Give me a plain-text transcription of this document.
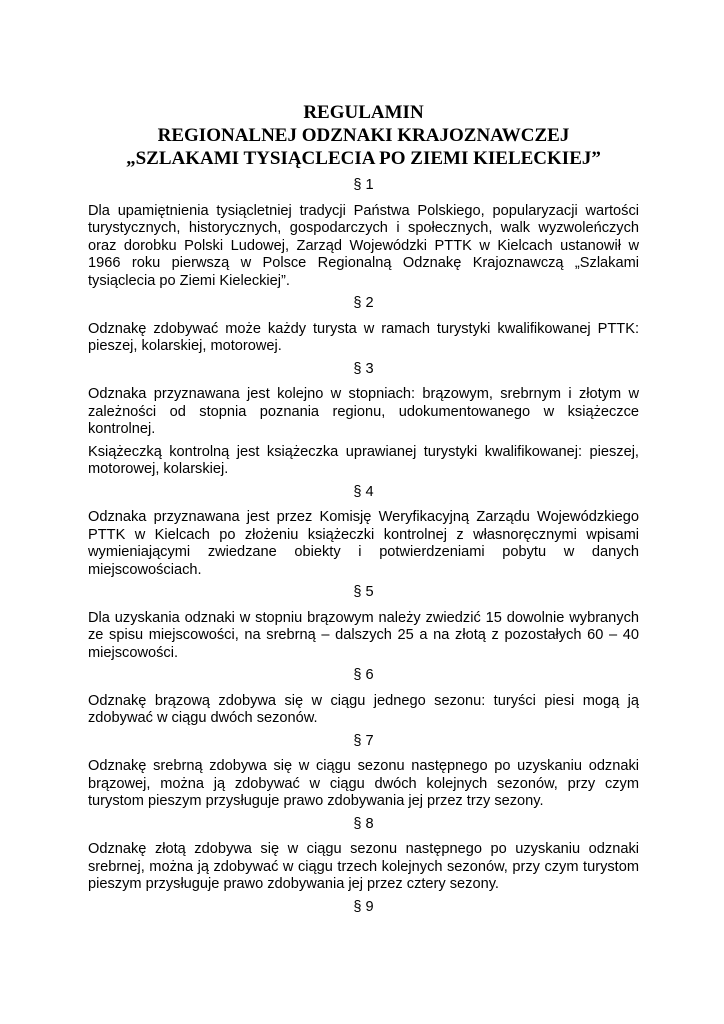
REGULAMIN

REGIONALNEJ ODZNAKI KRAJOZNAWCZEJ

„SZLAKAMI TYSIĄCLECIA PO ZIEMI KIELECKIEJ”

§ 1

Dla upamiętnienia tysiącletniej tradycji Państwa Polskiego, popularyzacji wartości turystycznych, historycznych, gospodarczych i społecznych, walk wyzwoleńczych oraz dorobku Polski Ludowej, Zarząd Wojewódzki PTTK w Kielcach ustanowił w 1966 roku pierwszą w Polsce Regionalną Odznakę Krajoznawczą „Szlakami tysiąclecia po Ziemi Kieleckiej”.

§ 2

Odznakę zdobywać może każdy turysta w ramach turystyki kwalifikowanej PTTK: pieszej, kolarskiej, motorowej.

§ 3

Odznaka przyznawana jest kolejno w stopniach: brązowym, srebrnym i złotym w zależności od stopnia poznania regionu, udokumentowanego w książeczce kontrolnej.

Książeczką kontrolną jest książeczka uprawianej turystyki kwalifikowanej: pieszej, motorowej, kolarskiej.

§ 4

Odznaka przyznawana jest przez Komisję Weryfikacyjną Zarządu Wojewódzkiego PTTK w Kielcach po złożeniu książeczki kontrolnej z własnoręcznymi wpisami wymieniającymi zwiedzane obiekty i potwierdzeniami pobytu w danych miejscowościach.

§ 5

Dla uzyskania odznaki w stopniu brązowym należy zwiedzić 15 dowolnie wybranych ze spisu miejscowości, na srebrną – dalszych 25 a na złotą z pozostałych 60 – 40 miejscowości.

§ 6

Odznakę brązową zdobywa się w ciągu jednego sezonu: turyści piesi mogą ją zdobywać w ciągu dwóch sezonów.

§ 7

Odznakę srebrną zdobywa się w ciągu sezonu następnego po uzyskaniu odznaki brązowej, można ją zdobywać w ciągu dwóch kolejnych sezonów, przy czym turystom pieszym przysługuje prawo zdobywania jej przez trzy sezony.

§ 8

Odznakę złotą zdobywa się w ciągu sezonu następnego po uzyskaniu odznaki srebrnej, można ją zdobywać w ciągu trzech kolejnych sezonów, przy czym turystom pieszym przysługuje prawo zdobywania jej przez cztery sezony.

§ 9
